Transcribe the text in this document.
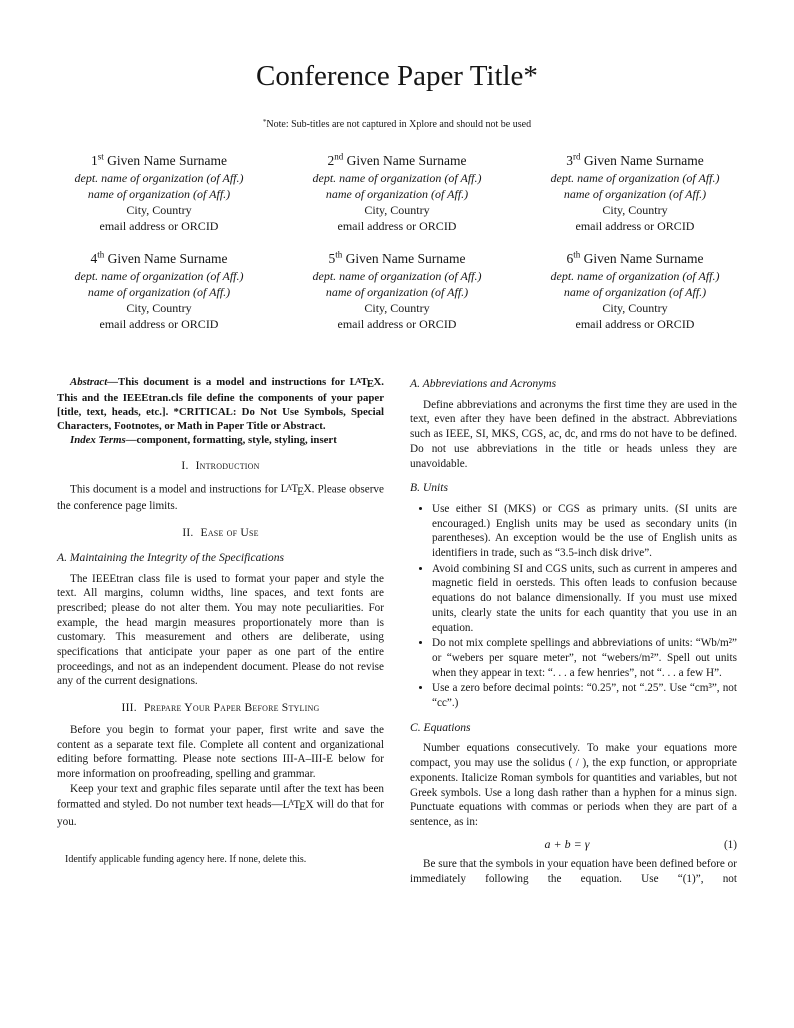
Conference Paper Title*
*Note: Sub-titles are not captured in Xplore and should not be used
1st Given Name Surname
dept. name of organization (of Aff.)
name of organization (of Aff.)
City, Country
email address or ORCID
2nd Given Name Surname
dept. name of organization (of Aff.)
name of organization (of Aff.)
City, Country
email address or ORCID
3rd Given Name Surname
dept. name of organization (of Aff.)
name of organization (of Aff.)
City, Country
email address or ORCID
4th Given Name Surname
dept. name of organization (of Aff.)
name of organization (of Aff.)
City, Country
email address or ORCID
5th Given Name Surname
dept. name of organization (of Aff.)
name of organization (of Aff.)
City, Country
email address or ORCID
6th Given Name Surname
dept. name of organization (of Aff.)
name of organization (of Aff.)
City, Country
email address or ORCID

Abstract—This document is a model and instructions for $L^ATEX$. This and the IEEEtran.cls file define the components of your paper [title, text, heads, etc.]. *CRITICAL: Do Not Use Symbols, Special Characters, Footnotes, or Math in Paper Title or Abstract.

Index Terms—component, formatting, style, styling, insert

I. Introduction

This document is a model and instructions for $L^ATEX$. Please observe the conference page limits.

II. Ease of Use
A. Maintaining the Integrity of the Specifications

The IEEEtran class file is used to format your paper and style the text. All margins, column widths, line spaces, and text fonts are prescribed; please do not alter them. You may note peculiarities. For example, the head margin measures proportionately more than is customary. This measurement and others are deliberate, using specifications that anticipate your paper as one part of the entire proceedings, and not as an independent document. Please do not revise any of the current designations.

III. Prepare Your Paper Before Styling

Before you begin to format your paper, first write and save the content as a separate text file. Complete all content and organizational editing before formatting. Please note sections III-A–III-E below for more information on proofreading, spelling and grammar.

Keep your text and graphic files separate until after the text has been formatted and styled. Do not number text $heads—L^ATEX$ will do that for you.

Identify applicable funding agency here. If none, delete this.
A. Abbreviations and Acronyms

Define abbreviations and acronyms the first time they are used in the text, even after they have been defined in the abstract. Abbreviations such as IEEE, SI, MKS, CGS, ac, dc, and rms do not have to be defined. Do not use abbreviations in the title or heads unless they are unavoidable.

B. Units
• Use either SI (MKS) or CGS as primary units. (SI units are encouraged.) English units may be used as secondary units (in parentheses). An exception would be the use of English units as identifiers in trade, such as “3.5-inch disk drive”.
• Avoid combining SI and CGS units, such as current in amperes and magnetic field in oersteds. This often leads to confusion because equations do not balance dimensionally. If you must use mixed units, clearly state the units for each quantity that you use in an equation.
• Do not mix complete spellings and abbreviations of units: “Wb/m²” or “webers per square meter”, not “webers/m²”. Spell out units when they appear in text: “. . . a few henries”, not “. . . a few H”.
• Use a zero before decimal points: “0.25”, not “.25”. Use “cm³”, not “cc”.)
C. Equations

Number equations consecutively. To make your equations more compact, you may use the solidus ( / ), the exp function, or appropriate exponents. Italicize Roman symbols for quantities and variables, but not Greek symbols. Use a long dash rather than a hyphen for a minus sign. Punctuate equations with commas or periods when they are part of a sentence, as in:

a + b = γ	(1)

Be sure that the symbols in your equation have been defined before or immediately following the equation. Use “(1)”, not
